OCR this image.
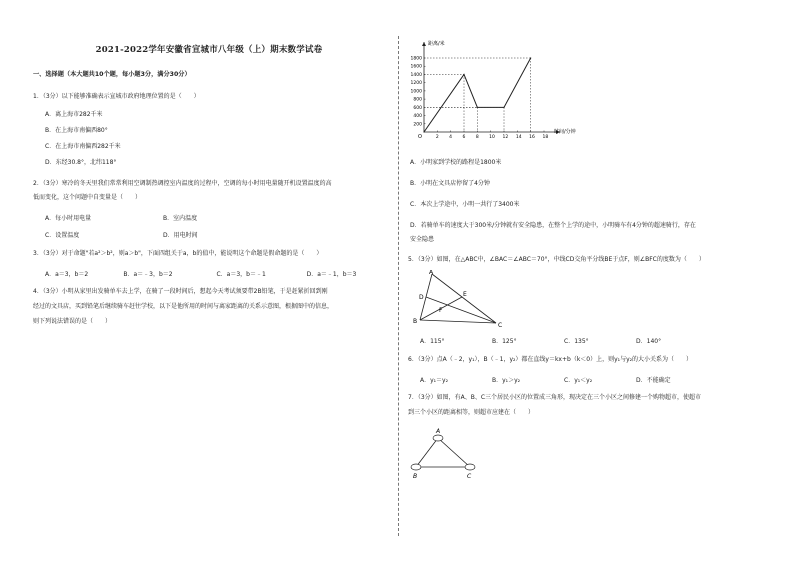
2021-2022学年安徽省宣城市八年级（上）期末数学试卷
一、选择题（本大题共10个题，每小题3分，满分30分）
1．（3分）以下能够准确表示宣城市政府地理位置的是（　　）
A．离上海市282千米
B．在上海市南偏西80°
C．在上海市南偏西282千米
D．东经30.8°，北纬118°
2．（3分）寒冷的冬天里我们常常利用空调制热调控室内温度的过程中，空调的每小时用电量随开机设置温度的高
低而变化，这个问题中自变量是（　　）
A．每小时用电量	B．室内温度
C．设置温度	D．用电时间
3．（3分）对于命题"若a²＞b²，则a＞b"，下面四组关于a，b的值中，能说明这个命题是假命题的是（　　）
A．a＝3，b＝2	B．a＝﹣3，b＝2	C．a＝3，b＝﹣1	D．a＝﹣1，b＝3
4．（3分）小明从家里出发骑单车去上学，在骑了一段时间后，想起今天考试须要带2B铅笔，于是赶紧折回到刚
经过的文具店，买到铅笔后继续骑车赶往学校，以下是他所用的时间与离家距离的关系示意图，根据图中的信息，
则下列说法错误的是（　　）
距离/米
时间/分钟
O	2 4 6 8 10 12 14 16 18
200
400
600
800
1000
1200
1400
1600
1800
A．小明家到学校的路程是1800米
B．小明在文具店停留了4分钟
C．本次上学途中，小明一共行了3400米
D．若骑单车的速度大于300米/分钟就有安全隐患，在整个上学的途中，小明骑车有4分钟的超速骑行，存在
安全隐患
5．（3分）如图，在△ABC中，∠BAC＝∠ABC＝70°，中线CD交角平分线BE于点F，则∠BFC的度数为（　　）
A
B
C
D	E
F
A．115°	B．125°	C．135°	D．140°
6．（3分）点A（﹣2，y₁），B（﹣1，y₂）都在直线y＝kx+b（k＜0）上，则y₁与y₂的大小关系为（　　）
A．y₁＝y₂	B．y₁＞y₂	C．y₁＜y₂	D．不能确定
7．（3分）如图，有A、B、C三个居民小区的位置成三角形，现决定在三个小区之间修建一个购物超市，使超市
到三个小区的距离相等，则超市应建在（　　）
A
B	C
